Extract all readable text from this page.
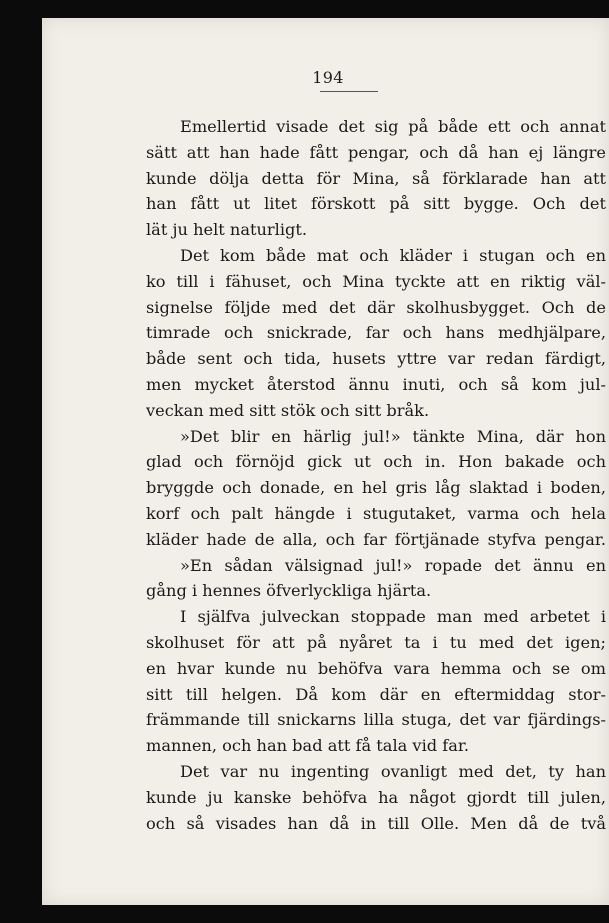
194
Emellertid visade det sig på både ett och annat
sätt att han hade fått pengar, och då han ej längre
kunde dölja detta för Mina, så förklarade han att
han fått ut litet förskott på sitt bygge. Och det
lät ju helt naturligt.
Det kom både mat och kläder i stugan och en
ko till i fähuset, och Mina tyckte att en riktig väl-
signelse följde med det där skolhusbygget. Och de
timrade och snickrade, far och hans medhjälpare,
både sent och tida, husets yttre var redan färdigt,
men mycket återstod ännu inuti, och så kom jul-
veckan med sitt stök och sitt bråk.
»Det blir en härlig jul!» tänkte Mina, där hon
glad och förnöjd gick ut och in. Hon bakade och
bryggde och donade, en hel gris låg slaktad i boden,
korf och palt hängde i stugutaket, varma och hela
kläder hade de alla, och far förtjänade styfva pengar.
»En sådan välsignad jul!» ropade det ännu en
gång i hennes öfverlyckliga hjärta.
I själfva julveckan stoppade man med arbetet i
skolhuset för att på nyåret ta i tu med det igen;
en hvar kunde nu behöfva vara hemma och se om
sitt till helgen. Då kom där en eftermiddag stor-
främmande till snickarns lilla stuga, det var fjärdings-
mannen, och han bad att få tala vid far.
Det var nu ingenting ovanligt med det, ty han
kunde ju kanske behöfva ha något gjordt till julen,
och så visades han då in till Olle. Men då de två
